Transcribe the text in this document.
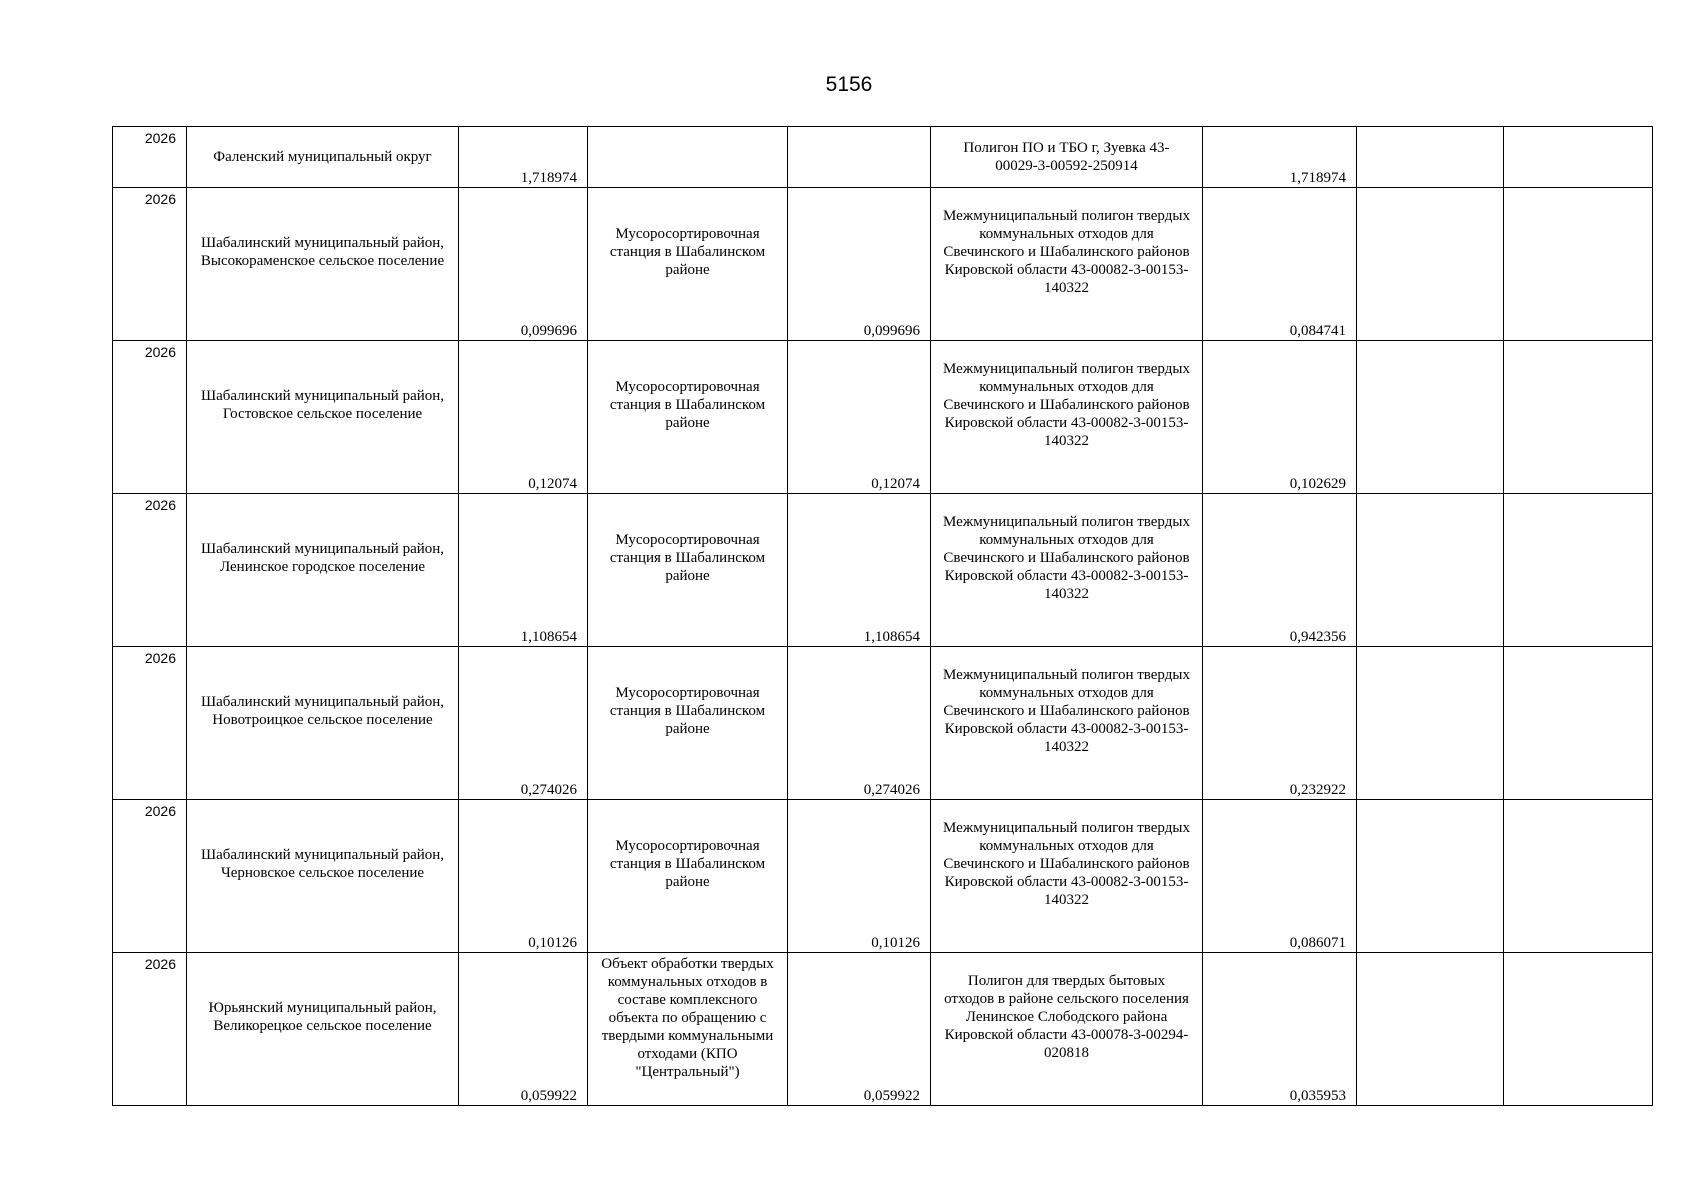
5156
2026	Фаленский муниципальный округ	1,718974			Полигон ПО и ТБО г, Зуевка 43-00029-3-00592-250914	1,718974		

2026	Шабалинский муниципальный район, Высокораменское сельское поселение	0,099696	Мусоросортировочная станция в Шабалинском районе	0,099696	Межмуниципальный полигон твердых коммунальных отходов для Свечинского и Шабалинского районов Кировской области 43-00082-3-00153-140322	0,084741		

2026	Шабалинский муниципальный район, Гостовское сельское поселение	0,12074	Мусоросортировочная станция в Шабалинском районе	0,12074	Межмуниципальный полигон твердых коммунальных отходов для Свечинского и Шабалинского районов Кировской области 43-00082-3-00153-140322	0,102629		

2026	Шабалинский муниципальный район, Ленинское городское поселение	1,108654	Мусоросортировочная станция в Шабалинском районе	1,108654	Межмуниципальный полигон твердых коммунальных отходов для Свечинского и Шабалинского районов Кировской области 43-00082-3-00153-140322	0,942356		

2026	Шабалинский муниципальный район, Новотроицкое сельское поселение	0,274026	Мусоросортировочная станция в Шабалинском районе	0,274026	Межмуниципальный полигон твердых коммунальных отходов для Свечинского и Шабалинского районов Кировской области 43-00082-3-00153-140322	0,232922		

2026	Шабалинский муниципальный район, Черновское сельское поселение	0,10126	Мусоросортировочная станция в Шабалинском районе	0,10126	Межмуниципальный полигон твердых коммунальных отходов для Свечинского и Шабалинского районов Кировской области 43-00082-3-00153-140322	0,086071		

2026	Юрьянский муниципальный район, Великорецкое сельское поселение	0,059922	Объект обработки твердых коммунальных отходов в составе комплексного объекта по обращению с твердыми коммунальными отходами (КПО "Центральный")	0,059922	Полигон для твердых бытовых отходов в районе сельского поселения Ленинское Слободского района Кировской области 43-00078-3-00294-020818	0,035953		
